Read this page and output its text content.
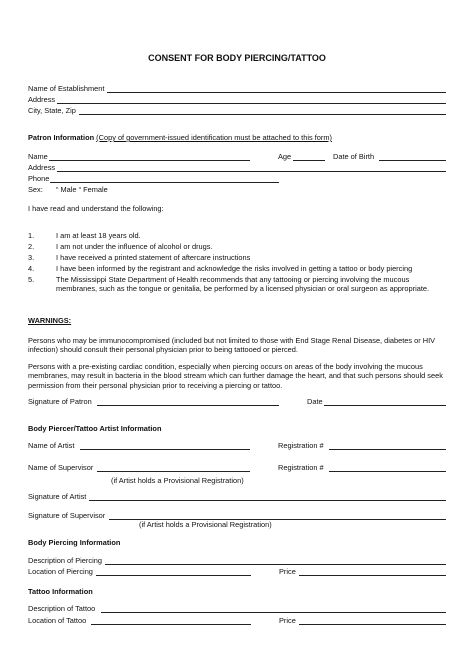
CONSENT FOR BODY PIERCING/TATTOO
Name of Establishment
Address
City, State, Zip
Patron Information (Copy of government-issued identification must be attached to this form)
Name	Age	Date of Birth
Address
Phone
Sex: “ Male “ Female
I have read and understand the following:
1.	I am at least 18 years old.
2.	I am not under the influence of alcohol or drugs.
3.	I have received a printed statement of aftercare instructions
4.	I have been informed by the registrant and acknowledge the risks involved in getting a tattoo or body piercing
5.	The Mississippi State Department of Health recommends that any tattooing or piercing involving the mucous membranes, such as the tongue or genitalia, be performed by a licensed physician or oral surgeon as appropriate.
WARNINGS:
Persons who may be immunocompromised (included but not limited to those with End Stage Renal Disease, diabetes or HIV infection) should consult their personal physician prior to being tattooed or pierced.
Persons with a pre-existing cardiac condition, especially when piercing occurs on areas of the body involving the mucous membranes, may result in bacteria in the blood stream which can further damage the heart, and that such persons should seek permission from their personal physician prior to receiving a piercing or tattoo.
Signature of Patron	Date
Body Piercer/Tattoo Artist Information
Name of Artist	Registration #
Name of Supervisor	Registration #
(if Artist holds a Provisional Registration)
Signature of Artist
Signature of Supervisor
(if Artist holds a Provisional Registration)
Body Piercing Information
Description of Piercing
Location of Piercing	Price
Tattoo Information
Description of Tattoo
Location of Tattoo	Price
